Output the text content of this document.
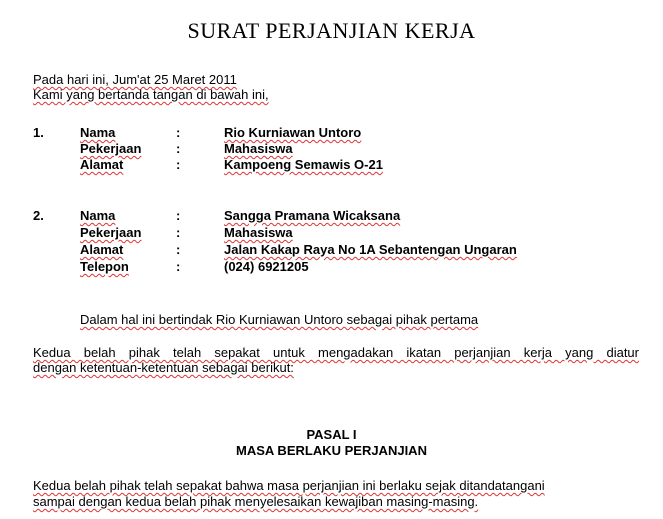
SURAT PERJANJIAN KERJA
Pada hari ini, Jum'at 25 Maret 2011
Kami yang bertanda tangan di bawah ini,
1.	Nama	:	Rio Kurniawan Untoro
Pekerjaan	:	Mahasiswa
Alamat	:	Kampoeng Semawis O-21
2.	Nama	:	Sangga Pramana Wicaksana
Pekerjaan	:	Mahasiswa
Alamat	:	Jalan Kakap Raya No 1A Sebantengan Ungaran
Telepon	:	(024) 6921205
Dalam hal ini bertindak Rio Kurniawan Untoro sebagai pihak pertama
Kedua belah pihak telah sepakat untuk mengadakan ikatan perjanjian kerja yang diatur
dengan ketentuan-ketentuan sebagai berikut:
PASAL I
MASA BERLAKU PERJANJIAN
Kedua belah pihak telah sepakat bahwa masa perjanjian ini berlaku sejak ditandatangani
sampai dengan kedua belah pihak menyelesaikan kewajiban masing-masing.
